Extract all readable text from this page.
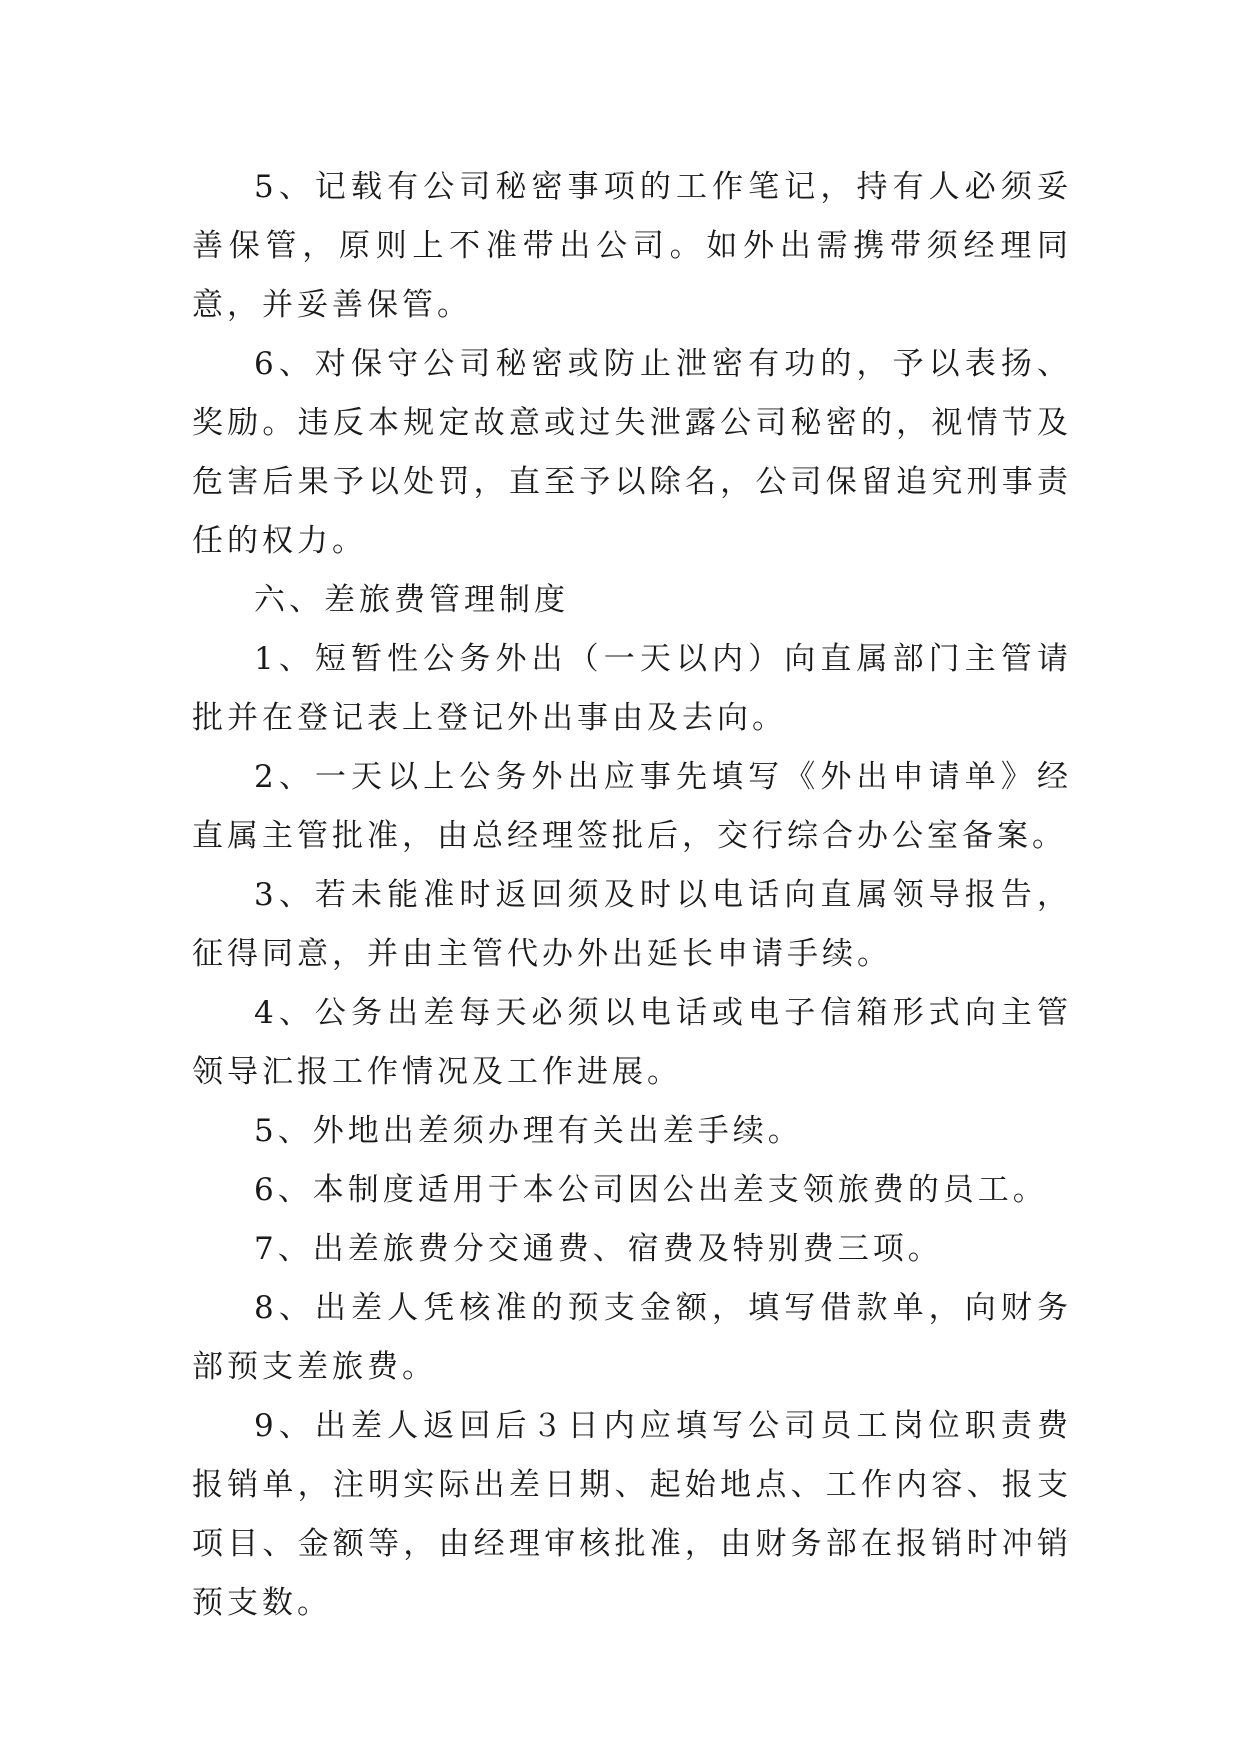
5、记载有公司秘密事项的工作笔记，持有人必须妥善保管，原则上不准带出公司。如外出需携带须经理同意，并妥善保管。

6、对保守公司秘密或防止泄密有功的，予以表扬、奖励。违反本规定故意或过失泄露公司秘密的，视情节及危害后果予以处罚，直至予以除名，公司保留追究刑事责任的权力。

六、差旅费管理制度

1、短暂性公务外出（一天以内）向直属部门主管请批并在登记表上登记外出事由及去向。

2、一天以上公务外出应事先填写《外出申请单》经直属主管批准，由总经理签批后，交行综合办公室备案。

3、若未能准时返回须及时以电话向直属领导报告，征得同意，并由主管代办外出延长申请手续。

4、公务出差每天必须以电话或电子信箱形式向主管领导汇报工作情况及工作进展。

5、外地出差须办理有关出差手续。

6、本制度适用于本公司因公出差支领旅费的员工。

7、出差旅费分交通费、宿费及特别费三项。

8、出差人凭核准的预支金额，填写借款单，向财务部预支差旅费。

9、出差人返回后３日内应填写公司员工岗位职责费报销单，注明实际出差日期、起始地点、工作内容、报支项目、金额等，由经理审核批准，由财务部在报销时冲销预支数。
